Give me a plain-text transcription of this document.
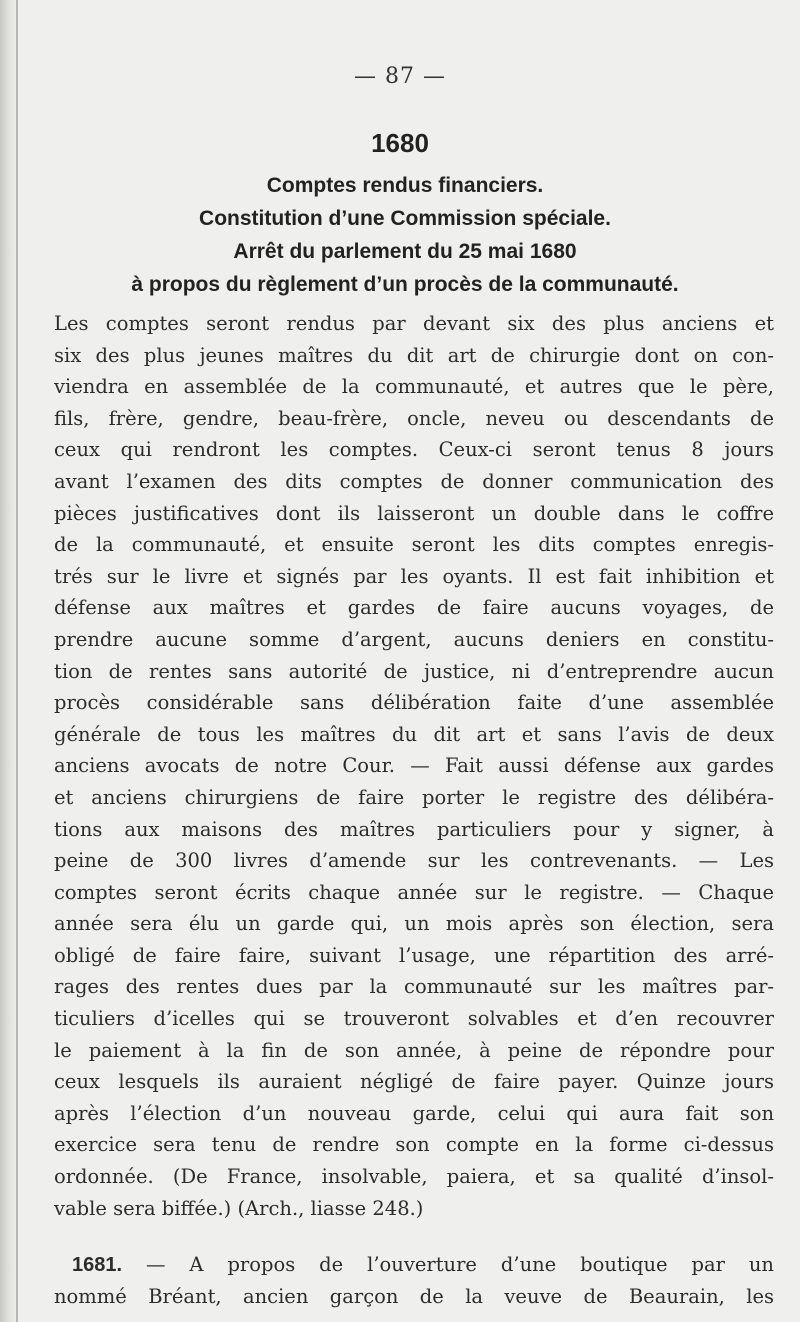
— 87 —
1680
Comptes rendus financiers.
Constitution d’une Commission spéciale.
Arrêt du parlement du 25 mai 1680
à propos du règlement d’un procès de la communauté.
Les comptes seront rendus par devant six des plus anciens et
six des plus jeunes maîtres du dit art de chirurgie dont on con-
viendra en assemblée de la communauté, et autres que le père,
fils, frère, gendre, beau-frère, oncle, neveu ou descendants de
ceux qui rendront les comptes. Ceux-ci seront tenus 8 jours
avant l’examen des dits comptes de donner communication des
pièces justificatives dont ils laisseront un double dans le coffre
de la communauté, et ensuite seront les dits comptes enregis-
trés sur le livre et signés par les oyants. Il est fait inhibition et
défense aux maîtres et gardes de faire aucuns voyages, de
prendre aucune somme d’argent, aucuns deniers en constitu-
tion de rentes sans autorité de justice, ni d’entreprendre aucun
procès considérable sans délibération faite d’une assemblée
générale de tous les maîtres du dit art et sans l’avis de deux
anciens avocats de notre Cour. — Fait aussi défense aux gardes
et anciens chirurgiens de faire porter le registre des délibéra-
tions aux maisons des maîtres particuliers pour y signer, à
peine de 300 livres d’amende sur les contrevenants. — Les
comptes seront écrits chaque année sur le registre. — Chaque
année sera élu un garde qui, un mois après son élection, sera
obligé de faire faire, suivant l’usage, une répartition des arré-
rages des rentes dues par la communauté sur les maîtres par-
ticuliers d’icelles qui se trouveront solvables et d’en recouvrer
le paiement à la fin de son année, à peine de répondre pour
ceux lesquels ils auraient négligé de faire payer. Quinze jours
après l’élection d’un nouveau garde, celui qui aura fait son
exercice sera tenu de rendre son compte en la forme ci-dessus
ordonnée. (De France, insolvable, paiera, et sa qualité d’insol-
vable sera biffée.) (Arch., liasse 248.)
1681. — A propos de l’ouverture d’une boutique par un
nommé Bréant, ancien garçon de la veuve de Beaurain, les
